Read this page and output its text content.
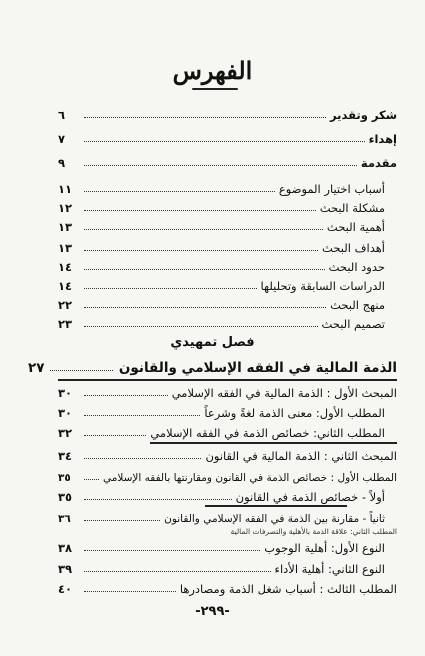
الفهرس
شكر وتقدير
٦
إهداء
٧
مقدمة
٩
أسباب اختيار الموضوع
١١
مشكلة البحث
١٢
أهمية البحث
١٣
أهداف البحث
١٣
حدود البحث
١٤
الدراسات السابقة وتحليلها
١٤
منهج البحث
٢٢
تصميم البحث
٢٣
فصل تمهيدي
الذمة المالية في الفقه الإسلامي والقانون
٢٧
المبحث الأول : الذمة المالية في الفقه الإسلامي
٣٠
المطلب الأول: معنى الذمة لغةً وشرعاً
٣٠
المطلب الثاني: خصائص الذمة في الفقه الإسلامي
٣٢
المبحث الثاني : الذمة المالية في القانون
٣٤
المطلب الأول : خصائص الذمة في القانون ومقارنتها بالفقه الإسلامي
٣٥
أولاً - خصائص الذمة في القانون
٣٥
ثانياً - مقارنة بين الذمة في الفقه الإسلامي والقانون
٣٦
المطلب الثاني: علاقة الذمة بالأهلية والتصرفات المالية
النوع الأول: أهلية الوجوب
٣٨
النوع الثاني: أهلية الأداء
٣٩
المطلب الثالث : أسباب شغل الذمة ومصادرها
٤٠
-٢٩٩-
